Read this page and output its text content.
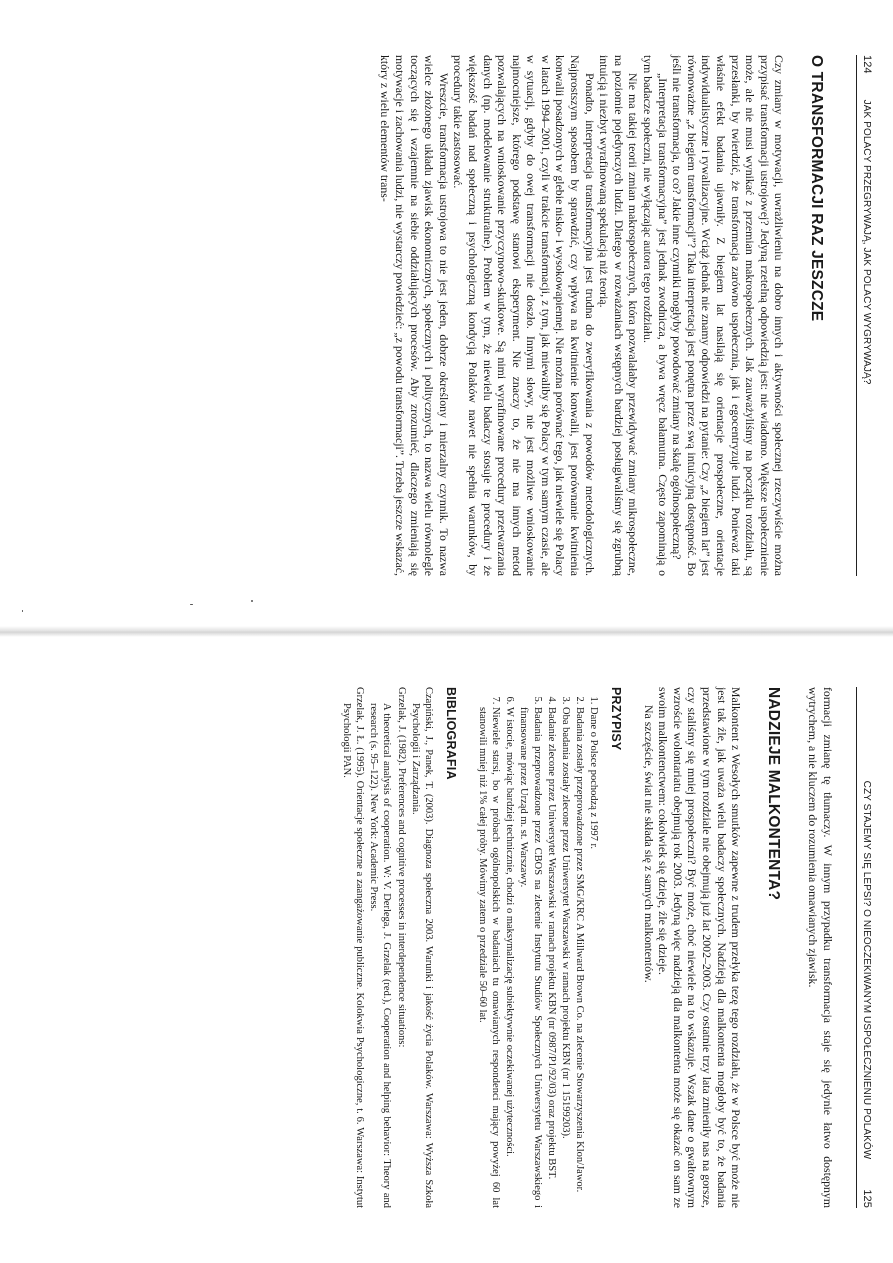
124
JAK POLACY PRZEGRYWAJĄ, JAK POLACY WYGRYWAJĄ?
O TRANSFORMACJI RAZ JESZCZE

Czy zmiany w motywacji, uwrażliwieniu na dobro innych i aktywności społecznej rzeczywiście można przypisać transformacji ustrojowej? Jedyną rzetelną odpowiedzią jest: nie wiadomo. Większe uspołecznienie może, ale nie musi wynikać z przemian makrospołecznych. Jak zauważyliśmy na początku rozdziału, są przesłanki, by twierdzić, że transformacja zarówno uspołecznia, jak i egocentryzuje ludzi. Ponieważ taki właśnie efekt badania ujawniły. Z biegiem lat nasilają się orientacje prospołeczne, orientacje indywidualistyczne i rywalizacyjne. Wciąż jednak nie znamy odpowiedzi na pytanie: Czy „z biegiem lat” jest równoważne „z biegiem transformacji”? Taka interpretacja jest ponętna przez swą intuicyjną dostępność. Bo jeśli nie transformacja, to co? Jakie inne czynniki mogłyby powodować zmiany na skalę ogólnospołeczną?

„Interpretacja transformacyjna” jest jednak zwodnicza, a bywa wręcz bałamutna. Często zapominają o tym badacze społeczni, nie wyłączając autora tego rozdziału.

Nie ma takiej teorii zmian makrospołecznych, która pozwalałaby przewidywać zmiany mikrospołeczne, na poziomie pojedynczych ludzi. Dlatego w rozważaniach wstępnych bardziej posługiwaliśmy się zgrubną intuicją i niezbyt wyrafinowaną spekulacją niż teorią.

Ponadto, interpretacja transformacyjna jest trudna do zweryfikowania z powodów metodologicznych. Najprostszym sposobem by sprawdzić, czy wpływa na kwitnienie konwalii, jest porównanie kwitnienia konwalii posadzonych w glebie nisko- i wysokowapiennej. Nie można porównać tego, jak niewiele się Polacy w latach 1994–2001, czyli w trakcie transformacji, z tym, jak miewaliby się Polacy w tym samym czasie, ale w sytuacji, gdyby do owej transformacji nie doszło. Innymi słowy, nie jest możliwe wnioskowanie najmocniejsze, którego podstawę stanowi eksperyment. Nie znaczy to, że nie ma innych metod pozwalających na wnioskowanie przyczynowo-skutkowe. Są nimi wyrafinowane procedury przetwarzania danych (np. modelowanie strukturalne). Problem w tym, że niewielu badaczy stosuje te procedury i że większość badań nad społeczną i psychologiczną kondycją Polaków nawet nie spełnia warunków, by procedury takie zastosować.

Wreszcie, transformacja ustrojowa to nie jest jeden, dobrze określony i mierzalny czynnik. To nazwa wielce złożonego układu zjawisk ekonomicznych, społecznych i politycznych, to nazwa wielu równolegle toczących się i wzajemnie na siebie oddziałujących procesów. Aby zrozumieć, dlaczego zmieniają się motywacje i zachowania ludzi, nie wystarczy powiedzieć: „z powodu transformacji”. Trzeba jeszcze wskazać, który z wielu elementów trans-

CZY STAJEMY SIĘ LEPSI? O NIEOCZEKIWANYM USPOŁECZNIENIU POLAKÓW
125

formacji zmianę tę tłumaczy. W innym przypadku transformacja staje się jedynie łatwo dostępnym wytrychem, a nie kluczem do rozumienia omawianych zjawisk.

NADZIEJE MALKONTENTA?

Malkontent z Wesołych smutków zapewne z trudem przełyka tezę tego rozdziału, że w Polsce być może nie jest tak źle, jak uważa wielu badaczy społecznych. Nadzieją dla malkontenta mogłoby być to, że badania przedstawione w tym rozdziale nie obejmują już lat 2002–2003. Czy ostatnie trzy lata zmieniły nas na gorsze, czy staliśmy się mniej prospołeczni? Być może, choć niewiele na to wskazuje. Wszak dane o gwałtownym wzroście wolontariatu obejmują rok 2003. Jedyną więc nadzieją dla malkontenta może się okazać on sam ze swoim malkontenctwem: cokolwiek się dzieje, źle się dzieje.

Na szczęście, świat nie składa się z samych malkontentów.

PRZYPISY
1. Dane o Polsce pochodzą z 1997 r.
2. Badania zostały przeprowadzone przez SMG/KRC A Millward Brown Co. na zlecenie Stowarzyszenia Klon/Jawor.
3. Oba badania zostały zlecone przez Uniwersytet Warszawski w ramach projektu KBN (nr 1 15199203).
4. Badanie zlecone przez Uniwersytet Warszawski w ramach projektu KBN (nr 0987/P1/92/03) oraz projektu BST.
5. Badania przeprowadzone przez CBOS na zlecenie Instytutu Studiów Społecznych Uniwersytetu Warszawskiego i finansowane przez Urząd m. st. Warszawy.
6. W istocie, mówiąc bardziej technicznie, chodzi o maksymalizację subiektywnie oczekiwanej użyteczności.
7. Niewiele starsi, bo w próbach ogólnopolskich w badaniach tu omawianych respondenci mający powyżej 60 lat stanowili mniej niż 1% całej próby. Mówimy zatem o przedziale 50–60 lat.
BIBLIOGRAFIA

Czapiński, J., Panek, T. (2003). Diagnoza społeczna 2003. Warunki i jakość życia Polaków. Warszawa: Wyższa Szkoła Psychologii i Zarządzania.

Grzelak, J. (1982). Preferences and cognitive processes in interdependence situations:

A theoretical analysis of cooperation. W: V. Derlega, J. Grzelak (red.), Cooperation and helping behavior: Theory and research (s. 95–122). New York: Academic Press.

Grzelak, J. Ł. (1995). Orientacje społeczne a zaangażowanie publiczne. Kolokwia Psychologiczne, t. 6. Warszawa: Instytut Psychologii PAN.
